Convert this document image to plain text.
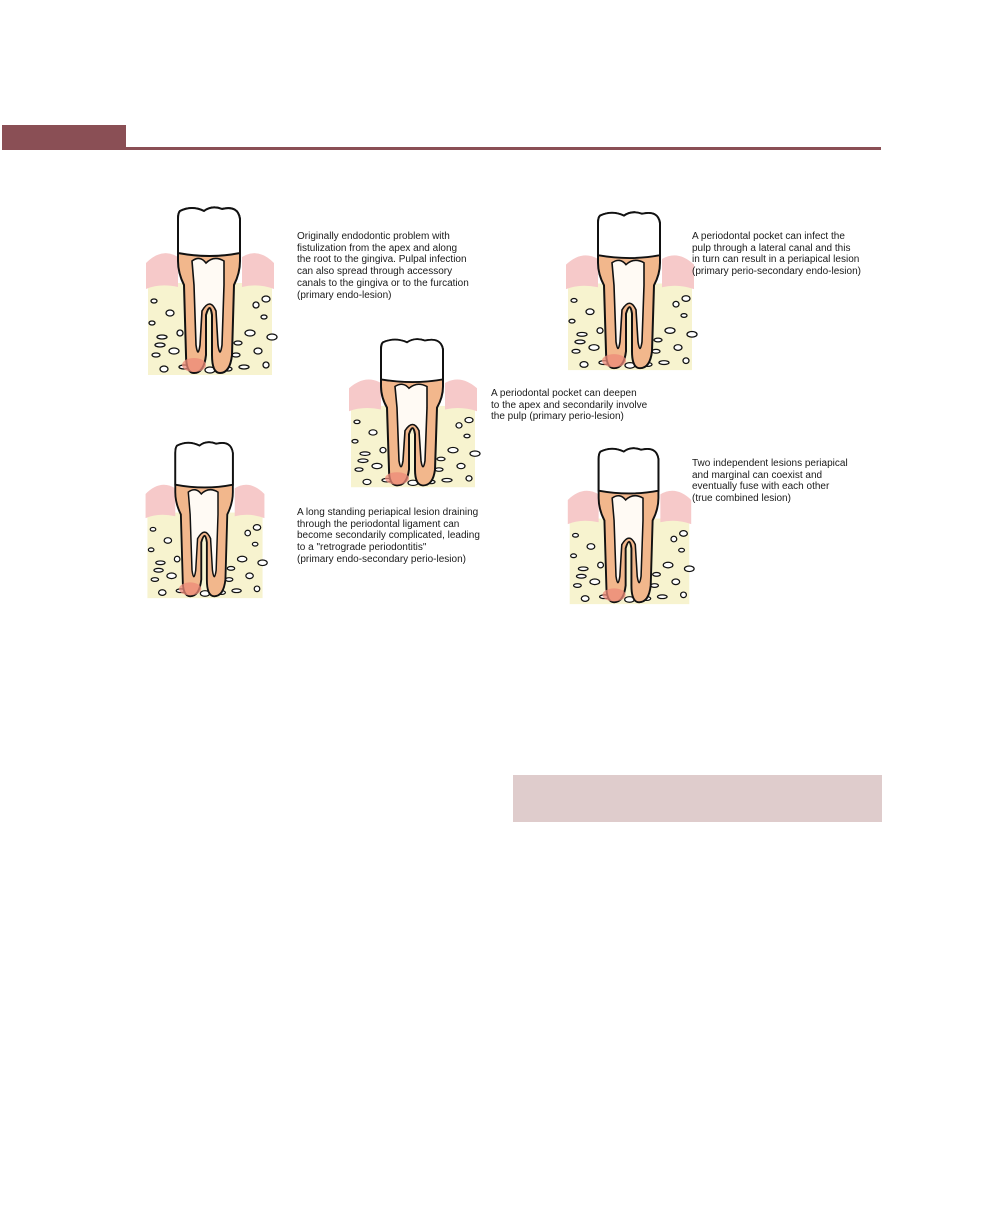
Originally endodontic problem with
fistulization from the apex and along
the root to the gingiva. Pulpal infection
can also spread through accessory
canals to the gingiva or to the furcation
(primary endo-lesion)

A periodontal pocket can infect the
pulp through a lateral canal and this
in turn can result in a periapical lesion
(primary perio-secondary endo-lesion)

A periodontal pocket can deepen
to the apex and secondarily involve
the pulp (primary perio-lesion)

A long standing periapical lesion draining
through the periodontal ligament can
become secondarily complicated, leading
to a "retrograde periodontitis"
(primary endo-secondary perio-lesion)

Two independent lesions periapical
and marginal can coexist and
eventually fuse with each other
(true combined lesion)
